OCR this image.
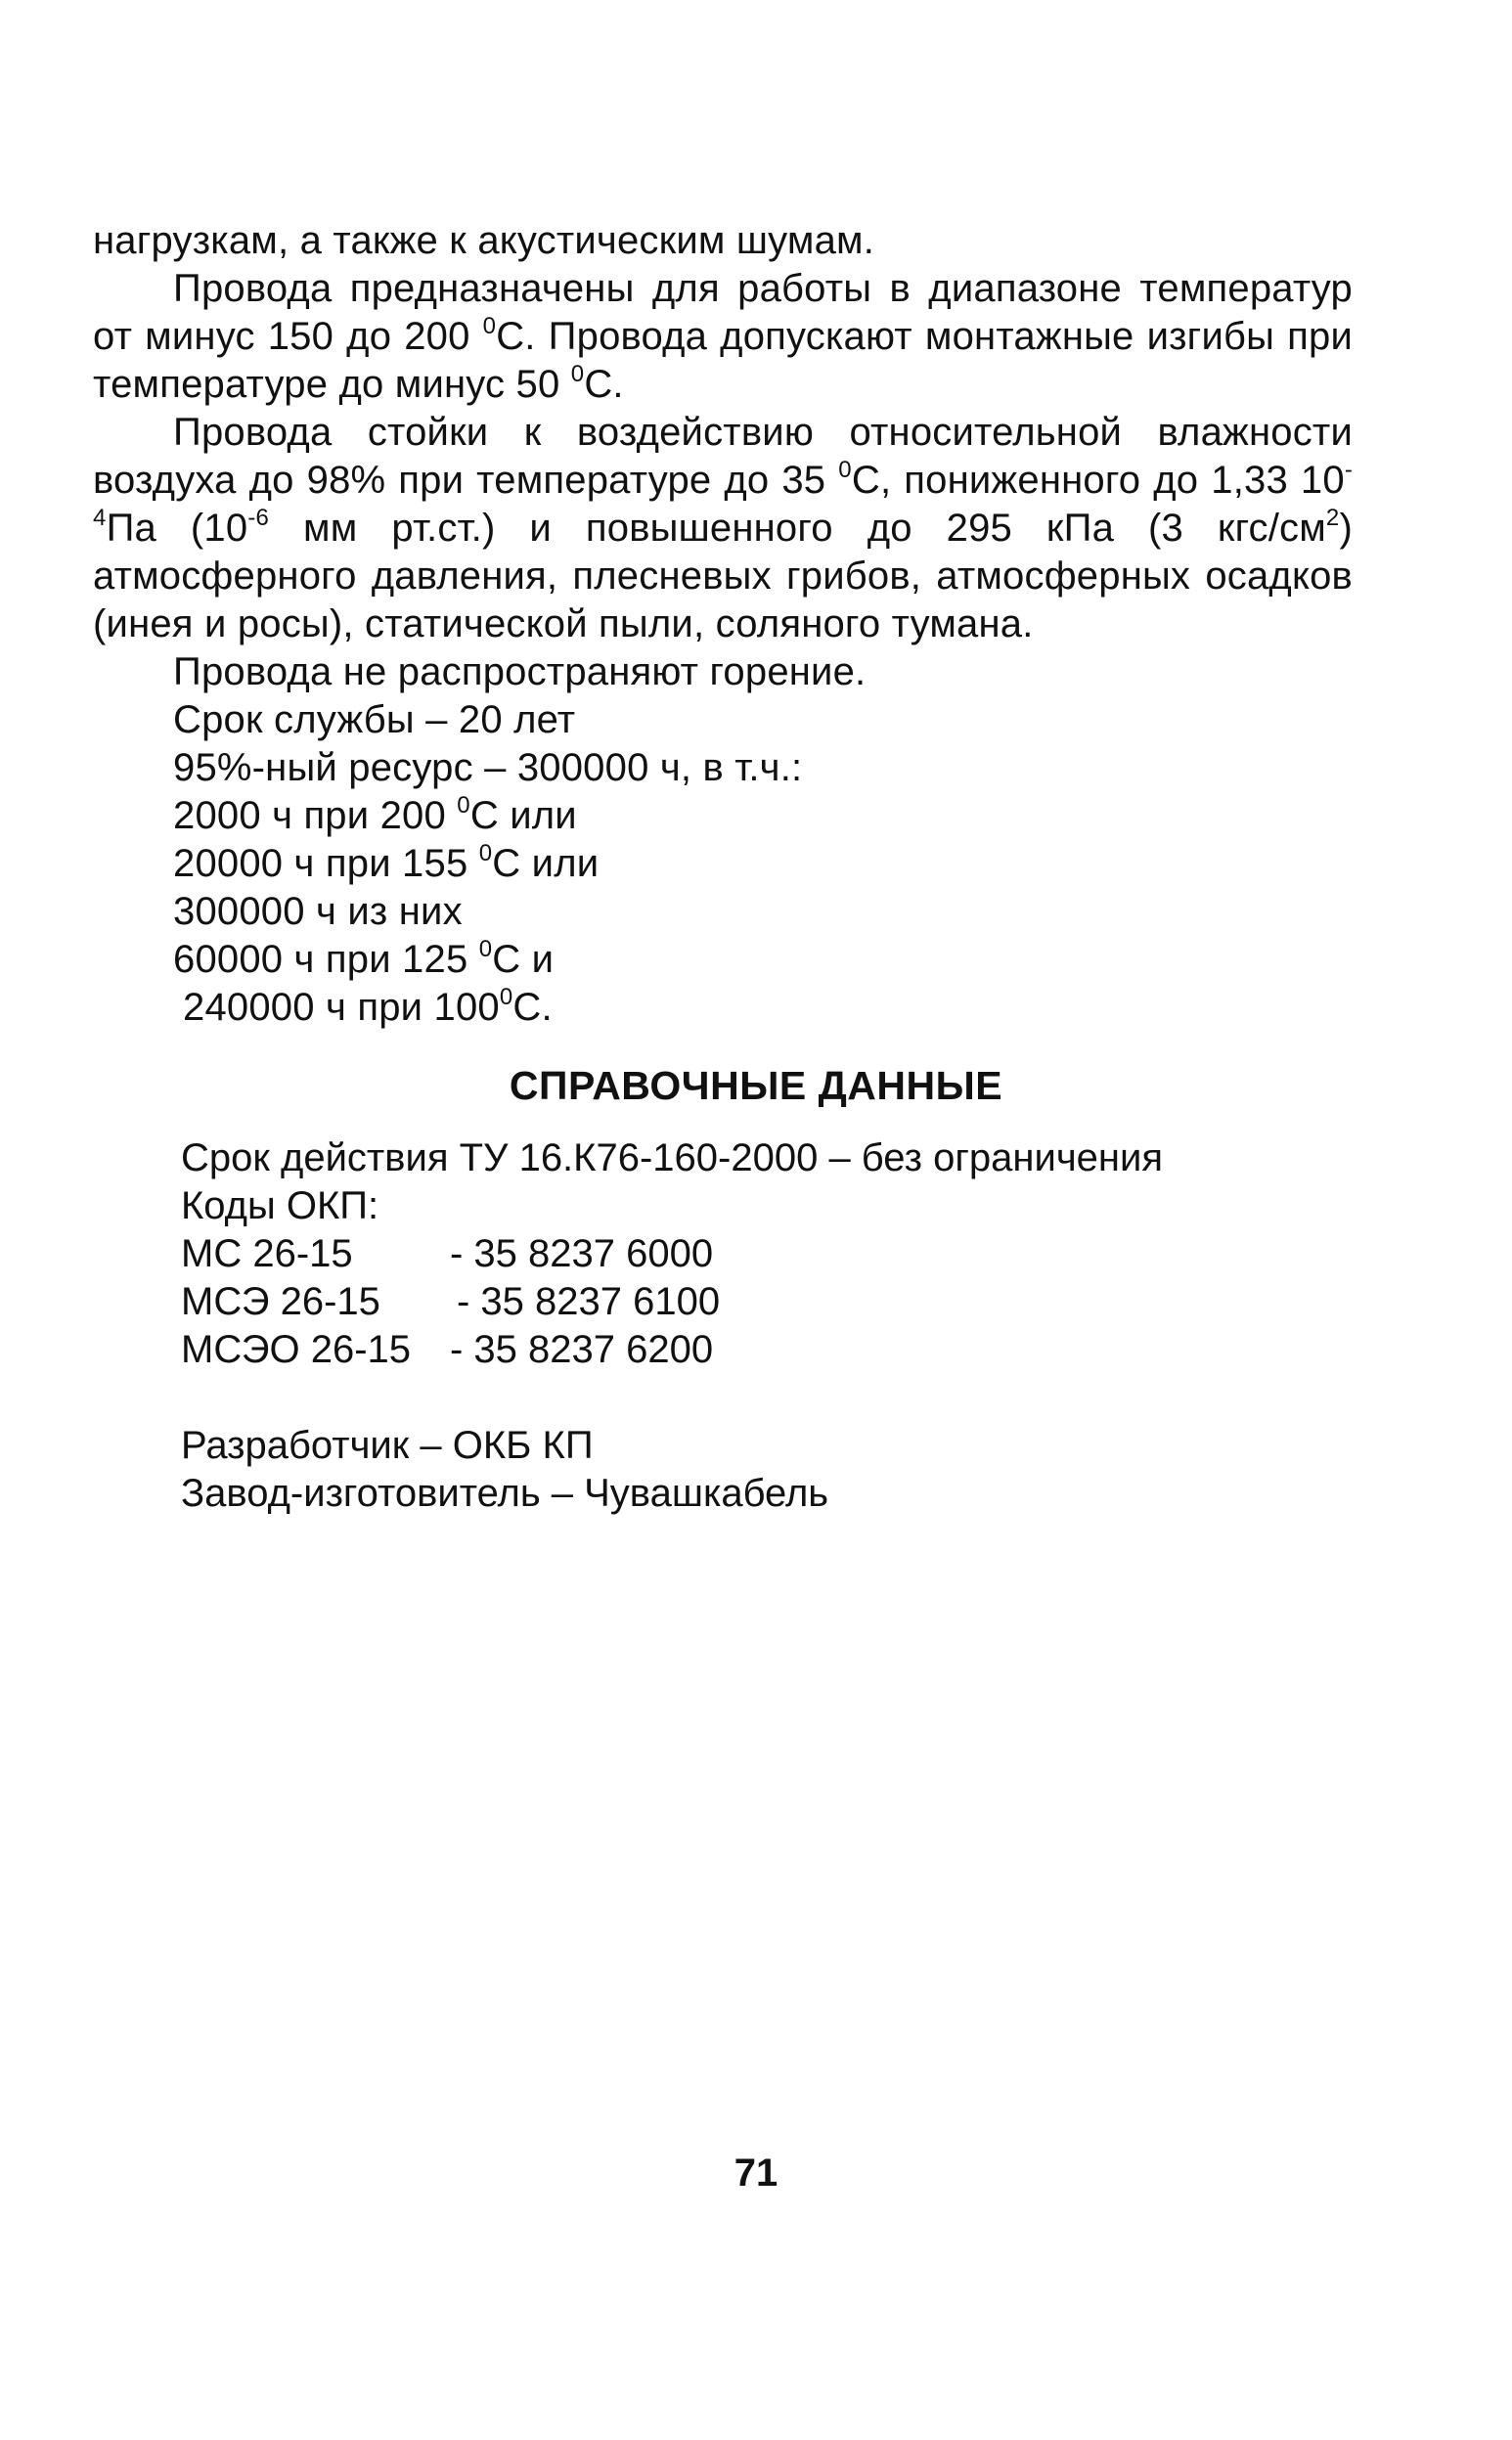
нагрузкам, а также к акустическим шумам.

Провода предназначены для работы в диапазоне температур от минус 150 до 200 $^0$С. Провода допускают монтажные изгибы при температуре до минус 50 $^0$С.

Провода стойки к воздействию относительной влажности воздуха до 98% при температуре до 35 $^0$С, пониженного до 1,33 $10^{-4}Па$ ($10^{-6}$ мм рт.ст.) и повышенного до 295 кПа (3 кгс/$см^2$) атмосферного давления, плесневых грибов, атмосферных осадков (инея и росы), статической пыли, соляного тумана.

Провода не распространяют горение.
Срок службы – 20 лет
95%-ный ресурс – 300000 ч, в т.ч.:
2000 ч при 200 $^0$С или
20000 ч при 155 $^0$С или
300000 ч из них
60000 ч при 125 $^0$С и
240000 ч при $100^0С$.
СПРАВОЧНЫЕ ДАННЫЕ
Срок действия ТУ 16.К76-160-2000 – без ограничения
Коды ОКП:
МС 26-15	- 35 8237 6000
МСЭ 26-15	- 35 8237 6100
МСЭО 26-15 - 35 8237 6200
Разработчик – ОКБ КП
Завод-изготовитель – Чувашкабель
71
